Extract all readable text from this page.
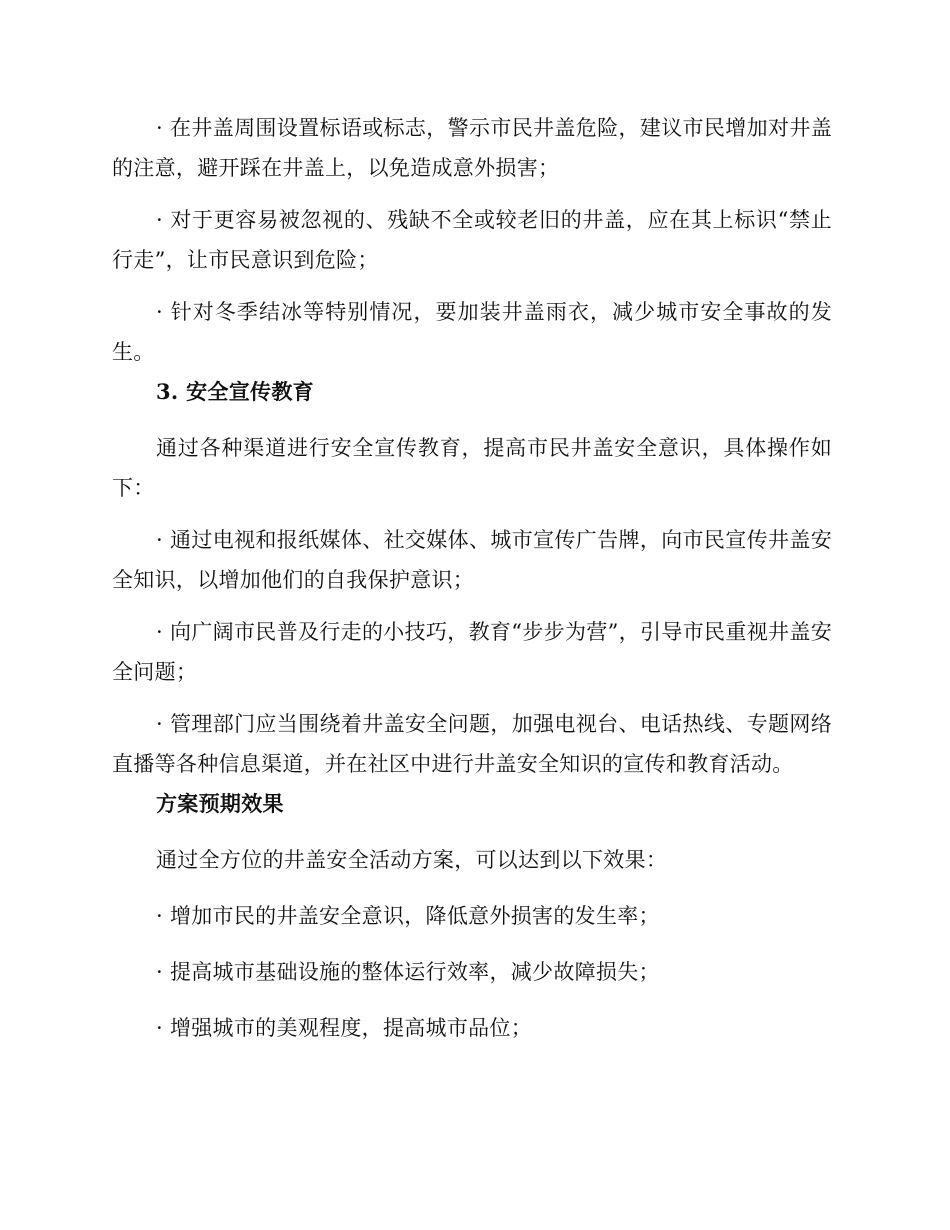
· 在井盖周围设置标语或标志，警示市民井盖危险，建议市民增加对井盖的注意，避开踩在井盖上，以免造成意外损害；

· 对于更容易被忽视的、残缺不全或较老旧的井盖，应在其上标识“禁止行走”，让市民意识到危险；

· 针对冬季结冰等特别情况，要加装井盖雨衣，减少城市安全事故的发生。

3. 安全宣传教育

通过各种渠道进行安全宣传教育，提高市民井盖安全意识，具体操作如下：

· 通过电视和报纸媒体、社交媒体、城市宣传广告牌，向市民宣传井盖安全知识，以增加他们的自我保护意识；

· 向广阔市民普及行走的小技巧，教育“步步为营”，引导市民重视井盖安全问题；

· 管理部门应当围绕着井盖安全问题，加强电视台、电话热线、专题网络直播等各种信息渠道，并在社区中进行井盖安全知识的宣传和教育活动。

方案预期效果

通过全方位的井盖安全活动方案，可以达到以下效果：

· 增加市民的井盖安全意识，降低意外损害的发生率；

· 提高城市基础设施的整体运行效率，减少故障损失；

· 增强城市的美观程度，提高城市品位；
